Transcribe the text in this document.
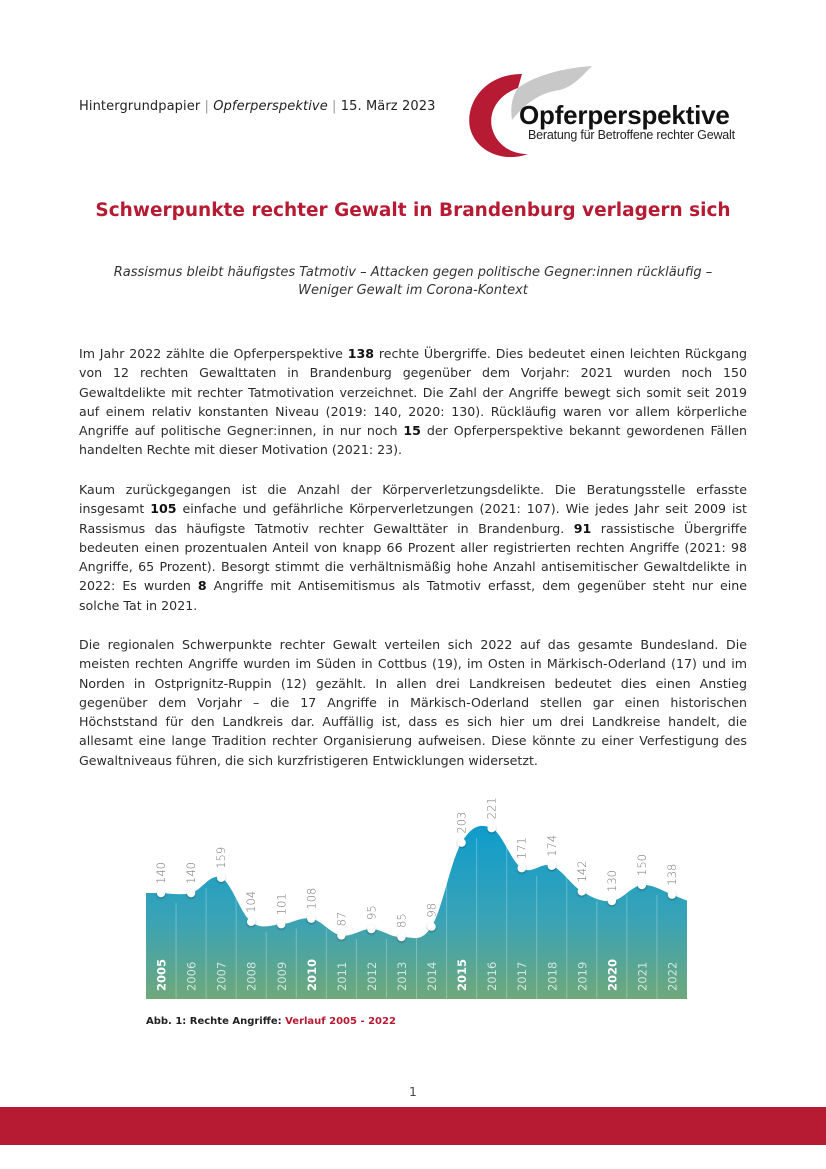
Hintergrundpapier | Opferperspektive | 15. März 2023	Opferperspektive
Beratung für Betroffene rechter Gewalt
Schwerpunkte rechter Gewalt in Brandenburg verlagern sich
Rassismus bleibt häufigstes Tatmotiv – Attacken gegen politische Gegner:innen rückläufig –
Weniger Gewalt im Corona-Kontext
Im Jahr 2022 zählte die Opferperspektive 138 rechte Übergriffe. Dies bedeutet einen leichten Rückgang von 12 rechten Gewalttaten in Brandenburg gegenüber dem Vorjahr: 2021 wurden noch 150 Gewaltdelikte mit rechter Tatmotivation verzeichnet. Die Zahl der Angriffe bewegt sich somit seit 2019 auf einem relativ konstanten Niveau (2019: 140, 2020: 130). Rückläufig waren vor allem körperliche Angriffe auf politische Gegner:innen, in nur noch 15 der Opferperspektive bekannt gewordenen Fällen handelten Rechte mit dieser Motivation (2021: 23).
Kaum zurückgegangen ist die Anzahl der Körperverletzungsdelikte. Die Beratungsstelle erfasste insgesamt 105 einfache und gefährliche Körperverletzungen (2021: 107). Wie jedes Jahr seit 2009 ist Rassismus das häufigste Tatmotiv rechter Gewalttäter in Brandenburg. 91 rassistische Übergriffe bedeuten einen prozentualen Anteil von knapp 66 Prozent aller registrierten rechten Angriffe (2021: 98 Angriffe, 65 Prozent). Besorgt stimmt die verhältnismäßig hohe Anzahl antisemitischer Gewaltdelikte in 2022: Es wurden 8 Angriffe mit Antisemitismus als Tatmotiv erfasst, dem gegenüber steht nur eine solche Tat in 2021.
Die regionalen Schwerpunkte rechter Gewalt verteilen sich 2022 auf das gesamte Bundesland. Die meisten rechten Angriffe wurden im Süden in Cottbus (19), im Osten in Märkisch-Oderland (17) und im Norden in Ostprignitz-Ruppin (12) gezählt. In allen drei Landkreisen bedeutet dies einen Anstieg gegenüber dem Vorjahr – die 17 Angriffe in Märkisch-Oderland stellen gar einen historischen Höchststand für den Landkreis dar. Auffällig ist, dass es sich hier um drei Landkreise handelt, die allesamt eine lange Tradition rechter Organisierung aufweisen. Diese könnte zu einer Verfestigung des Gewaltniveaus führen, die sich kurzfristigeren Entwicklungen widersetzt.
140 140
159
104 101 108
87 95
85
98
203
221
171 174
142 130
150 138
2005 2006 2007 2008 2009 2010 2011 2012 2013 2014 2015 2016 2017 2018 2019 2020 2021 2022
Abb. 1: Rechte Angriffe: Verlauf 2005 - 2022
1
